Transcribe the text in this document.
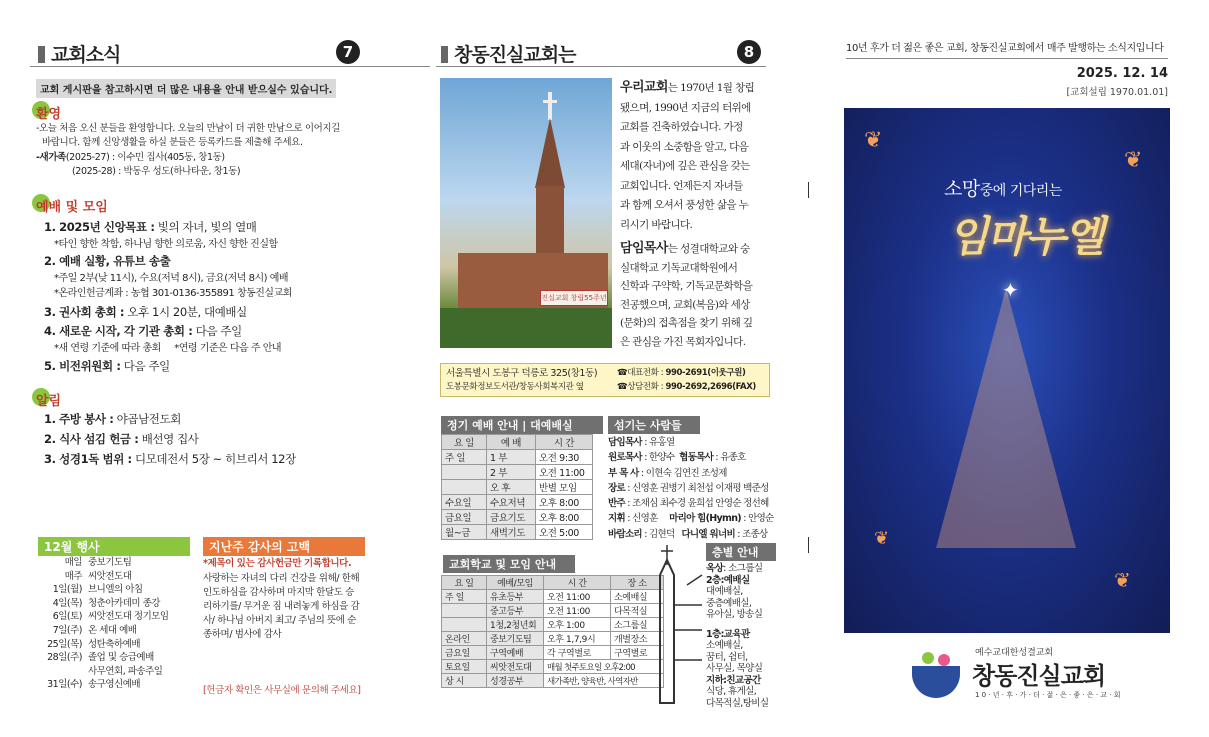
교회소식	7
교회 게시판을 참고하시면 더 많은 내용을 안내 받으실수 있습니다.
환영
-오늘 처음 오신 분들을 환영합니다. 오늘의 만남이 더 귀한 만남으로 이어지길
바랍니다. 함께 신앙생활을 하실 분들은 등록카드를 제출해 주세요.
-새가족(2025-27) : 이수민 집사(405동, 창1동)
(2025-28) : 박동우 성도(하나타운, 창1동)
예배 및 모임
1. 2025년 신앙목표 : 빛의 자녀, 빛의 열매
*타인 향한 착함, 하나님 향한 의로움, 자신 향한 진실함
2. 예배 실황, 유튜브 송출
*주일 2부(낮 11시), 수요(저녁 8시), 금요(저녁 8시) 예배
*온라인헌금계좌 : 농협 301-0136-355891 창동진실교회
3. 권사회 총회 : 오후 1시 20분, 대예배실
4. 새로운 시작, 각 기관 총회 : 다음 주일
*새 연령 기준에 따라 총회     *연령 기준은 다음 주 안내
5. 비전위원회 : 다음 주일
알림
1. 주방 봉사 : 야곱남전도회
2. 식사 섬김 헌금 : 배선영 집사
3. 성경1독 범위 : 디모데전서 5장 ~ 히브리서 12장
12월 행사
매일 중보기도팀
매주 씨앗전도대
1일(월) 브니엘의 아침
4일(목) 청춘아카데미 종강
6일(토) 씨앗전도대 정기모임
7일(주) 온 세대 예배
25일(목) 성탄축하예배
28일(주) 졸업 및 승급예배
사무연회, 파송주일
31일(수) 송구영신예배
지난주 감사의 고백
*제목이 있는 감사헌금만 기록합니다.
사랑하는 자녀의 다리 건강을 위해/ 한해
인도하심을 감사하며 마지막 한달도 승
리하기를/ 무거운 짐 내려놓게 하심을 감
사/ 하나님 아버지 최고/ 주님의 뜻에 순
종하며/ 범사에 감사
[헌금자 확인은 사무실에 문의해 주세요]
창동진실교회는	8
진실교회 창립55주년
우리교회는 1970년 1월 창립
됐으며, 1990년 지금의 터위에
교회를 건축하였습니다. 가정
과 이웃의 소중함을 알고, 다음
세대(자녀)에 깊은 관심을 갖는
교회입니다. 언제든지 자녀들
과 함께 오셔서 풍성한 삶을 누
리시기 바랍니다.
담임목사는 성결대학교와 숭
실대학교 기독교대학원에서
신학과 구약학, 기독교문화학을
전공했으며, 교회(복음)와 세상
(문화)의 접촉점을 찾기 위해 깊
은 관심을 가진 목회자입니다.
서울특별시 도봉구 덕릉로 325(창1동)
도봉문화정보도서관/창동사회복지관 옆
☎대표전화 : 990-2691(이웃구원)
☎상담전화 : 990-2692,2696(FAX)
정기 예배 안내 | 대예배실
요 일	예 배	시 간
주 일	1 부	오전 9:30
	2 부	오전 11:00
	오 후	반별 모임
수요일	수요저녁	오후 8:00
금요일	금요기도	오후 8:00
월~금	새벽기도	오전 5:00
섬기는 사람들
담임목사 : 유홍열
원로목사 : 한양수  협동목사 : 유종호
부 목 사 : 이현숙 김연진 조성제
장로 : 신영훈 권병기 최천섭 이재평 백준성
반주 : 조채심 최수경 윤희섭 안영순 정선혜
지휘 : 신영훈     마리아 힘(Hymn) : 안영순
바람소리 : 김현덕   다니엘 워너비 : 조종상
교회학교 및 모임 안내
요 일	예배/모임	시 간	장 소
주 일	유초등부	오전 11:00	소예배실
	중고등부	오전 11:00	다목적실
	1청,2청년회	오후 1:00	소그룹실
온라인	중보기도팀	오후 1,7,9시	개별장소
금요일	구역예배	각 구역별로	구역별로
토요일	씨앗전도대	매월 첫주토요일 오후2:00	
상 시	성경공부	새가족반, 양육반, 사역자반	
층별 안내
옥상: 소그룹실
2층:예배실
대예배실,
중층예배실,
유아실, 방송실
1층:교육관
소예배실,
꿈터, 쉼터,
사무실, 목양실
지하:친교공간
식당, 휴게실,
다목적실,탕비실
10년 후가 더 젊은 좋은 교회, 창동진실교회에서 매주 발행하는 소식지입니다
2025. 12. 14
[교회설립 1970.01.01]
소망중에 기다리는
임마누엘
✦
❦
❦
❦
❦
예수교대한성결교회
창동진실교회
1 0 · 년 · 후 · 가 · 더 · 젊 · 은 · 좋 · 은 · 교 · 회
